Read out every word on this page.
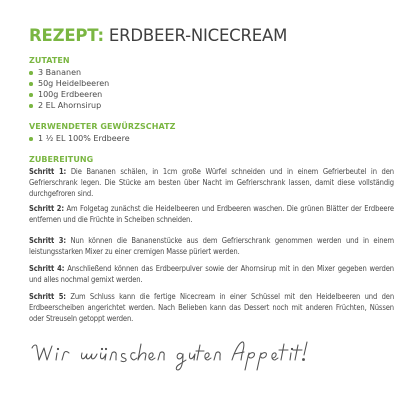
REZEPT: ERDBEER-NICECREAM
ZUTATEN
3 Bananen
50g Heidelbeeren
100g Erdbeeren
2 EL Ahornsirup
VERWENDETER GEWÜRZSCHATZ
1 ½ EL 100% Erdbeere
ZUBEREITUNG
Schritt 1: Die Bananen schälen, in 1cm große Würfel schneiden und in einem Gefrierbeutel in den Gefrierschrank legen. Die Stücke am besten über Nacht im Gefrierschrank lassen, damit diese vollständig durchgefroren sind.
Schritt 2: Am Folgetag zunächst die Heidelbeeren und Erdbeeren waschen. Die grünen Blätter der Erdbeere entfernen und die Früchte in Scheiben schneiden.
Schritt 3: Nun können die Bananenstücke aus dem Gefrierschrank genommen werden und in einem leistungsstarken Mixer zu einer cremigen Masse püriert werden.
Schritt 4: Anschließend können das Erdbeerpulver sowie der Ahornsirup mit in den Mixer gegeben werden und alles nochmal gemixt werden.
Schritt 5: Zum Schluss kann die fertige Nicecream in einer Schüssel mit den Heidelbeeren und den Erdbeerscheiben angerichtet werden. Nach Belieben kann das Dessert noch mit anderen Früchten, Nüssen oder Streuseln getoppt werden.
